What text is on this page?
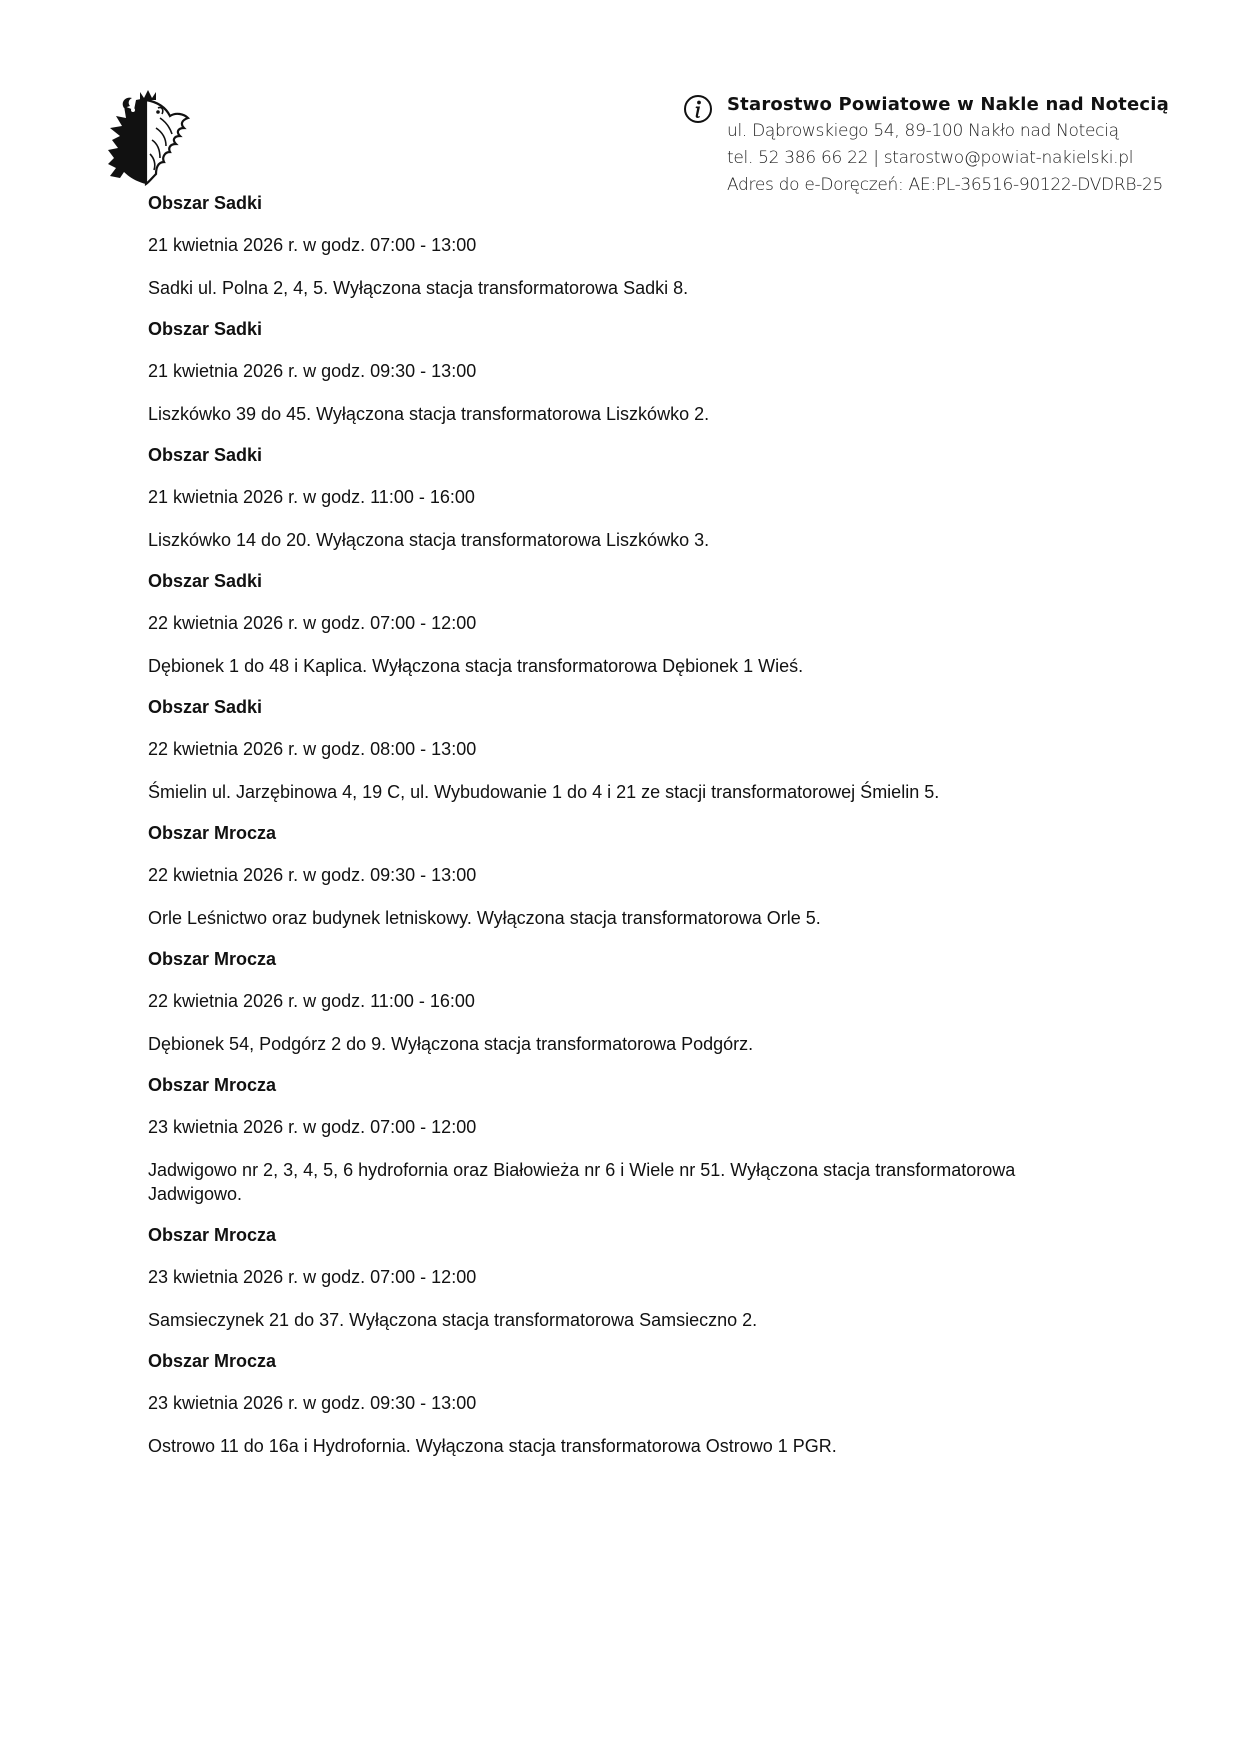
Starostwo Powiatowe w Nakle nad Notecią
ul. Dąbrowskiego 54, 89-100 Nakło nad Notecią
tel. 52 386 66 22 | starostwo@powiat-nakielski.pl
Adres do e-Doręczeń: AE:PL-36516-90122-DVDRB-25
Obszar Sadki
21 kwietnia 2026 r. w godz. 07:00 - 13:00
Sadki ul. Polna 2, 4, 5. Wyłączona stacja transformatorowa Sadki 8.
Obszar Sadki
21 kwietnia 2026 r. w godz. 09:30 - 13:00
Liszkówko 39 do 45. Wyłączona stacja transformatorowa Liszkówko 2.
Obszar Sadki
21 kwietnia 2026 r. w godz. 11:00 - 16:00
Liszkówko 14 do 20. Wyłączona stacja transformatorowa Liszkówko 3.
Obszar Sadki
22 kwietnia 2026 r. w godz. 07:00 - 12:00
Dębionek 1 do 48 i Kaplica. Wyłączona stacja transformatorowa Dębionek 1 Wieś.
Obszar Sadki
22 kwietnia 2026 r. w godz. 08:00 - 13:00
Śmielin ul. Jarzębinowa 4, 19 C, ul. Wybudowanie 1 do 4 i 21 ze stacji transformatorowej Śmielin 5.
Obszar Mrocza
22 kwietnia 2026 r. w godz. 09:30 - 13:00
Orle Leśnictwo oraz budynek letniskowy. Wyłączona stacja transformatorowa Orle 5.
Obszar Mrocza
22 kwietnia 2026 r. w godz. 11:00 - 16:00
Dębionek 54, Podgórz 2 do 9. Wyłączona stacja transformatorowa Podgórz.
Obszar Mrocza
23 kwietnia 2026 r. w godz. 07:00 - 12:00
Jadwigowo nr 2, 3, 4, 5, 6 hydrofornia oraz Białowieża nr 6 i Wiele nr 51. Wyłączona stacja transformatorowa Jadwigowo.
Obszar Mrocza
23 kwietnia 2026 r. w godz. 07:00 - 12:00
Samsieczynek 21 do 37. Wyłączona stacja transformatorowa Samsieczno 2.
Obszar Mrocza
23 kwietnia 2026 r. w godz. 09:30 - 13:00
Ostrowo 11 do 16a i Hydrofornia. Wyłączona stacja transformatorowa Ostrowo 1 PGR.
